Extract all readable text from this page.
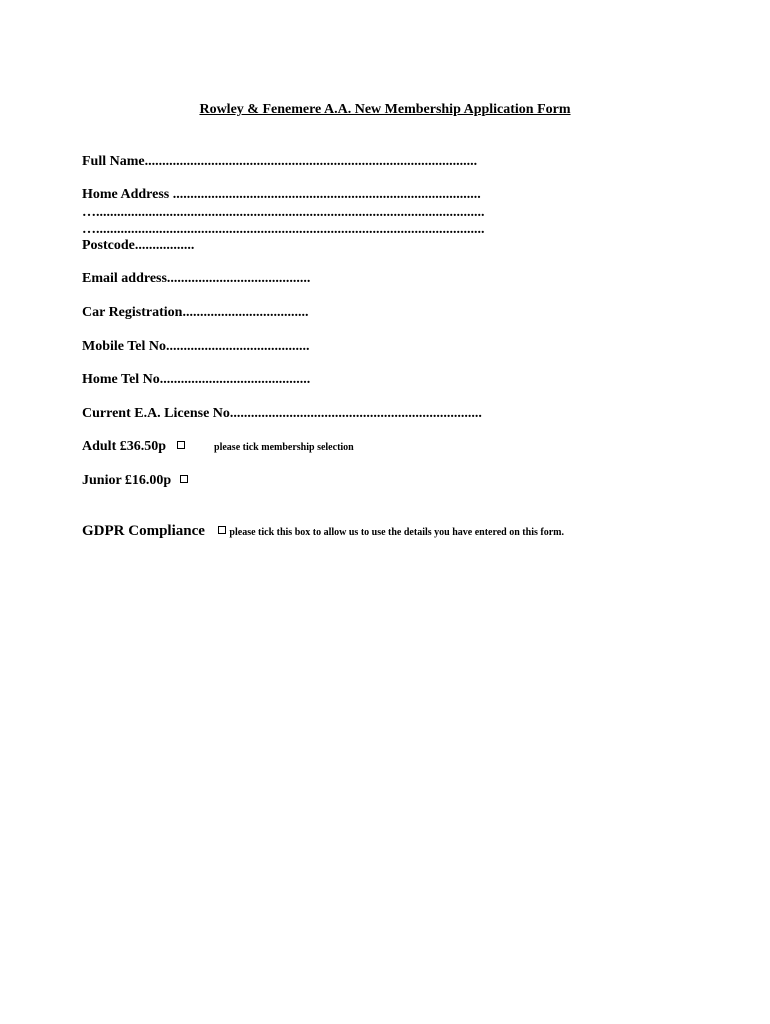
Rowley & Fenemere A.A. New Membership Application Form
Full Name...............................................................................................
Home Address ........................................................................................
…...............................................................................................................
…...............................................................................................................
Postcode.................
Email address.........................................
Car Registration....................................
Mobile Tel No.........................................
Home Tel No...........................................
Current E.A. License No........................................................................
Adult £36.50p	please tick membership selection
Junior £16.00p
GDPR Compliance please tick this box to allow us to use the details you have entered on this form.
